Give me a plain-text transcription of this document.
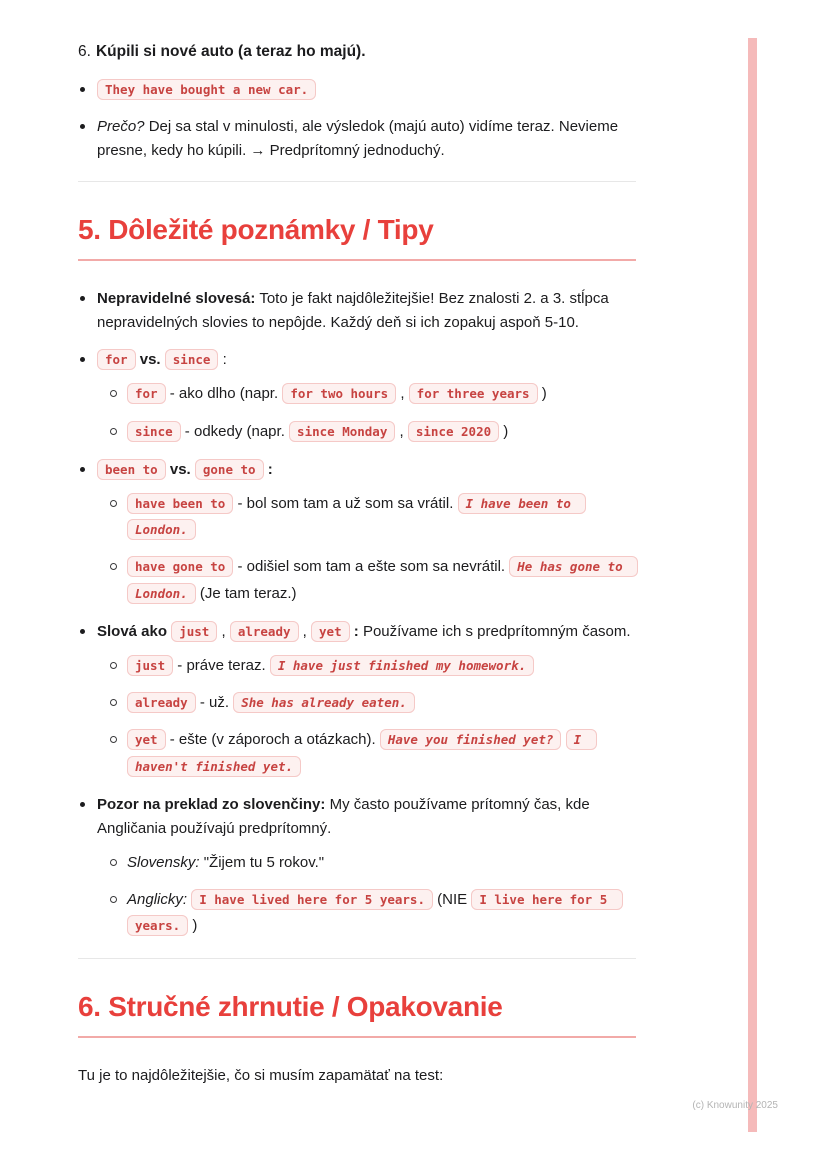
6. Kúpili si nové auto (a teraz ho majú).
They have bought a new car.
Prečo? Dej sa stal v minulosti, ale výsledok (majú auto) vidíme teraz. Nevieme presne, kedy ho kúpili. → Predprítomný jednoduchý.
5. Dôležité poznámky / Tipy
Nepravidelné slovesá: Toto je fakt najdôležitejšie! Bez znalosti 2. a 3. stĺpca nepravidelných slovies to nepôjde. Každý deň si ich zopakuj aspoň 5-10.
for vs. since :
for - ako dlho (napr. for two hours , for three years )
since - odkedy (napr. since Monday , since 2020 )
been to vs. gone to :
have been to - bol som tam a už som sa vrátil. I have been to London.
have gone to - odišiel som tam a ešte som sa nevrátil. He has gone to London. (Je tam teraz.)
Slová ako just , already , yet : Používame ich s predprítomným časom.
just - práve teraz. I have just finished my homework.
already - už. She has already eaten.
yet - ešte (v záporoch a otázkach). Have you finished yet? I haven't finished yet.
Pozor na preklad zo slovenčiny: My často používame prítomný čas, kde Angličania používajú predprítomný.
Slovensky: "Žijem tu 5 rokov."
Anglicky: I have lived here for 5 years. (NIE I live here for 5 years. )
6. Stručné zhrnutie / Opakovanie

Tu je to najdôležitejšie, čo si musím zapamätať na test:

(c) Knowunity 2025
